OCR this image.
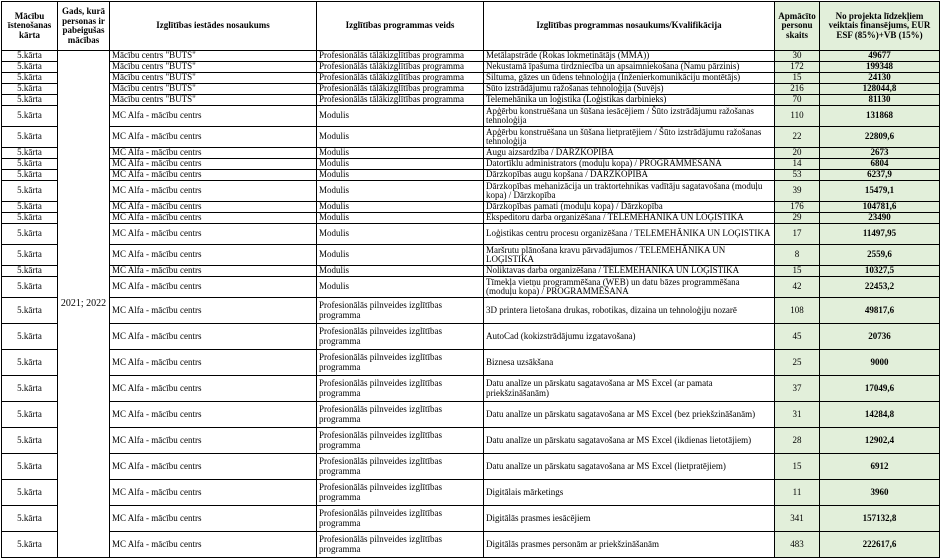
Mācību īstenošanas kārta	Gads, kurā personas ir pabeigušas mācības	Izglītības iestādes nosaukums	Izglītības programmas veids	Izglītības programmas nosaukums/Kvalifikācija	Apmācīto personu skaits	No projekta līdzekļiem veiktais finansējums, EUR ESF (85%)+VB (15%)
5.kārta	2021; 2022	Mācību centrs "BUTS"	Profesionālās tālākizglītības programma	Metālapstrāde (Rokas lokmetinātājs (MMA))	30	49677
5.kārta		Mācību centrs "BUTS"	Profesionālās tālākizglītības programma	Nekustamā īpašuma tirdzniecība un apsaimniekošana (Namu pārzinis)	172	199348
5.kārta		Mācību centrs "BUTS"	Profesionālās tālākizglītības programma	Siltuma, gāzes un ūdens tehnoloģija (Inženierkomunikāciju montētājs)	15	24130
5.kārta		Mācību centrs "BUTS"	Profesionālās tālākizglītības programma	Šūto izstrādājumu ražošanas tehnoloģija (Šuvējs)	216	128044,8
5.kārta		Mācību centrs "BUTS"	Profesionālās tālākizglītības programma	Telemehānika un loģistika (Loģistikas darbinieks)	70	81130
5.kārta		MC Alfa - mācību centrs	Modulis	Apģērbu konstruēšana un šūšana iesācējiem / Šūto izstrādājumu ražošanas tehnoloģija	110	131868
5.kārta		MC Alfa - mācību centrs	Modulis	Apģērbu konstruēšana un šūšana lietpratējiem / Šūto izstrādājumu ražošanas tehnoloģija	22	22809,6
5.kārta		MC Alfa - mācību centrs	Modulis	Augu aizsardzība / DĀRZKOPĪBA	20	2673
5.kārta		MC Alfa - mācību centrs	Modulis	Datortīklu administrators (moduļu kopa) / PROGRAMMĒŠANA	14	6804
5.kārta		MC Alfa - mācību centrs	Modulis	Dārzkopības augu kopšana / DĀRZKOPĪBA	53	6237,9
5.kārta		MC Alfa - mācību centrs	Modulis	Dārzkopības mehanizācija un traktortehnikas vadītāju sagatavošana (moduļu kopa) / Dārzkopība	39	15479,1
5.kārta		MC Alfa - mācību centrs	Modulis	Dārzkopības pamati (moduļu kopa) / Dārzkopība	176	104781,6
5.kārta		MC Alfa - mācību centrs	Modulis	Ekspeditoru darba organizēšana / TELEMEHĀNIKA UN LOĢISTIKA	29	23490
5.kārta		MC Alfa - mācību centrs	Modulis	Loģistikas centru procesu organizēšana / TELEMEHĀNIKA UN LOĢISTIKA	17	11497,95
5.kārta		MC Alfa - mācību centrs	Modulis	Maršrutu plānošana kravu pārvadājumos / TELEMEHĀNIKA UN LOĢISTIKA	8	2559,6
5.kārta		MC Alfa - mācību centrs	Modulis	Noliktavas darba organizēšana / TELEMEHĀNIKA UN LOĢISTIKA	15	10327,5
5.kārta		MC Alfa - mācību centrs	Modulis	Tīmekļa vietņu programmēšana (WEB) un datu bāzes programmēšana (moduļu kopa) / PROGRAMMĒŠANA	42	22453,2
5.kārta		MC Alfa - mācību centrs	Profesionālās pilnveides izglītības programma	3D printera lietošana drukas, robotikas, dizaina un tehnoloģiju nozarē	108	49817,6
5.kārta		MC Alfa - mācību centrs	Profesionālās pilnveides izglītības programma	AutoCad (kokizstrādājumu izgatavošana)	45	20736
5.kārta		MC Alfa - mācību centrs	Profesionālās pilnveides izglītības programma	Biznesa uzsākšana	25	9000
5.kārta		MC Alfa - mācību centrs	Profesionālās pilnveides izglītības programma	Datu analīze un pārskatu sagatavošana ar MS Excel (ar pamata priekšzināšanām)	37	17049,6
5.kārta		MC Alfa - mācību centrs	Profesionālās pilnveides izglītības programma	Datu analīze un pārskatu sagatavošana ar MS Excel (bez priekšzināšanām)	31	14284,8
5.kārta		MC Alfa - mācību centrs	Profesionālās pilnveides izglītības programma	Datu analīze un pārskatu sagatavošana ar MS Excel (ikdienas lietotājiem)	28	12902,4
5.kārta		MC Alfa - mācību centrs	Profesionālās pilnveides izglītības programma	Datu analīze un pārskatu sagatavošana ar MS Excel (lietpratējiem)	15	6912
5.kārta		MC Alfa - mācību centrs	Profesionālās pilnveides izglītības programma	Digitālais mārketings	11	3960
5.kārta		MC Alfa - mācību centrs	Profesionālās pilnveides izglītības programma	Digitālās prasmes iesācējiem	341	157132,8
5.kārta		MC Alfa - mācību centrs	Profesionālās pilnveides izglītības programma	Digitālās prasmes personām ar priekšzināšanām	483	222617,6
